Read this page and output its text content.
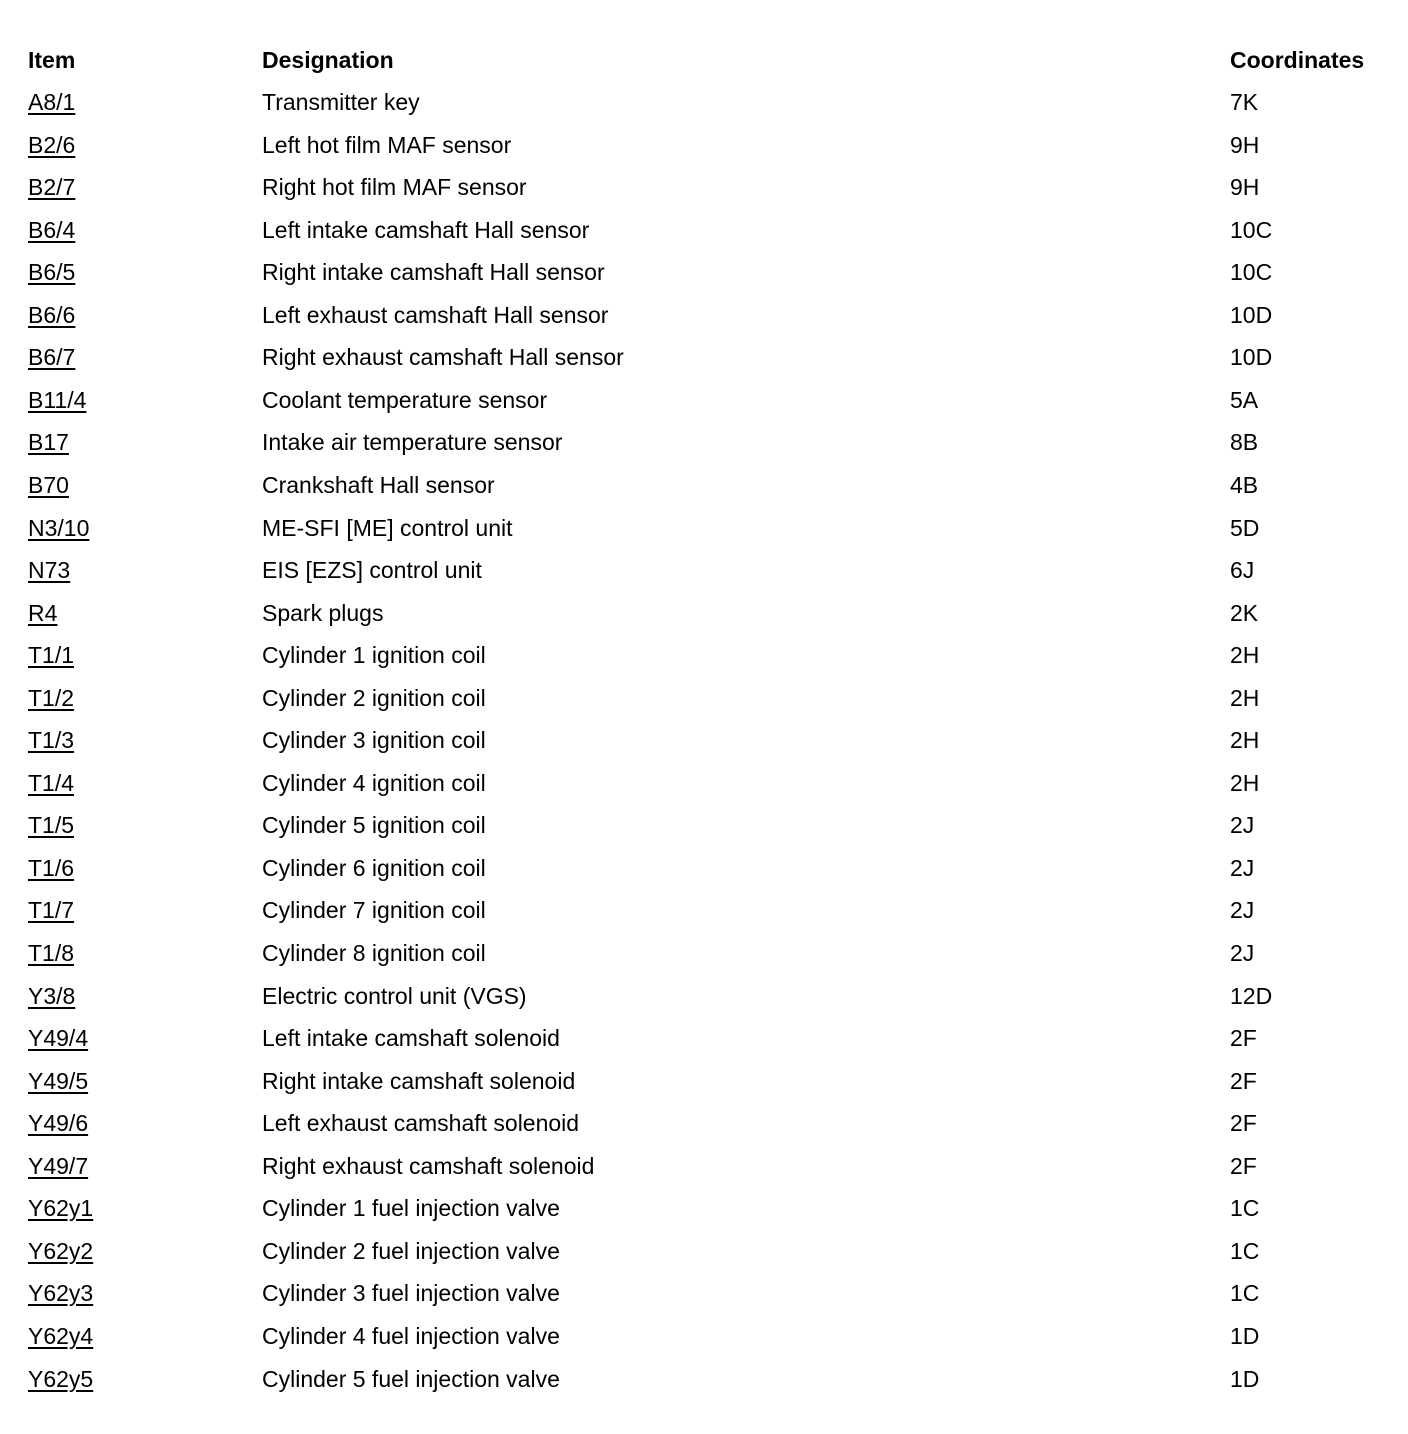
Item	Designation	Coordinates
A8/1	Transmitter key	7K
B2/6	Left hot film MAF sensor	9H
B2/7	Right hot film MAF sensor	9H
B6/4	Left intake camshaft Hall sensor	10C
B6/5	Right intake camshaft Hall sensor	10C
B6/6	Left exhaust camshaft Hall sensor	10D
B6/7	Right exhaust camshaft Hall sensor	10D
B11/4	Coolant temperature sensor	5A
B17	Intake air temperature sensor	8B
B70	Crankshaft Hall sensor	4B
N3/10	ME-SFI [ME] control unit	5D
N73	EIS [EZS] control unit	6J
R4	Spark plugs	2K
T1/1	Cylinder 1 ignition coil	2H
T1/2	Cylinder 2 ignition coil	2H
T1/3	Cylinder 3 ignition coil	2H
T1/4	Cylinder 4 ignition coil	2H
T1/5	Cylinder 5 ignition coil	2J
T1/6	Cylinder 6 ignition coil	2J
T1/7	Cylinder 7 ignition coil	2J
T1/8	Cylinder 8 ignition coil	2J
Y3/8	Electric control unit (VGS)	12D
Y49/4	Left intake camshaft solenoid	2F
Y49/5	Right intake camshaft solenoid	2F
Y49/6	Left exhaust camshaft solenoid	2F
Y49/7	Right exhaust camshaft solenoid	2F
Y62y1	Cylinder 1 fuel injection valve	1C
Y62y2	Cylinder 2 fuel injection valve	1C
Y62y3	Cylinder 3 fuel injection valve	1C
Y62y4	Cylinder 4 fuel injection valve	1D
Y62y5	Cylinder 5 fuel injection valve	1D
